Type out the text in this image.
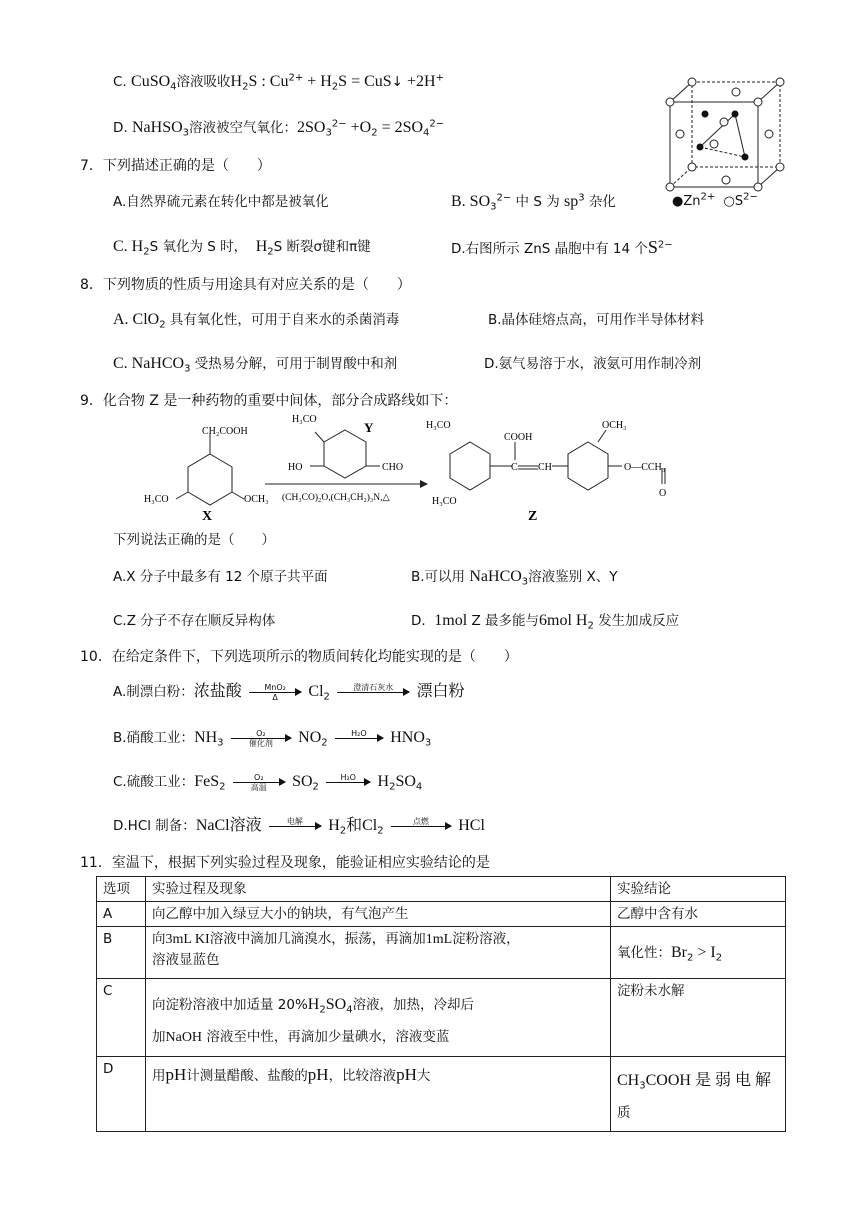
C. CuSO$_4$溶液吸收$H_2S$ : $Cu^{2+} + H_2S$ = CuS↓ +2H+
D. NaHSO$_3$溶液被空气氧化：$2SO_3^{2-} +O_2 = 2SO_4^{2-}$
$●Zn^{2+}$ $○S^{2-}$
7．下列描述正确的是（　　）
A.自然界硫元素在转化中都是被氧化	B. $SO_3^{2-}$ 中 S 为 $sp^3$ 杂化
C. $H_2S$ 氧化为 S 时， $H_2S$ 断裂σ键和π键	D.右图所示 ZnS 晶胞中有 14 个$S^{2-}$
8．下列物质的性质与用途具有对应关系的是（　　）
A. ClO$_2$ 具有氧化性，可用于自来水的杀菌消毒	B.晶体硅熔点高，可用作半导体材料
C. NaHCO$_3$ 受热易分解，可用于制胃酸中和剂	D.氨气易溶于水，液氨可用作制冷剂
9．化合物 Z 是一种药物的重要中间体，部分合成路线如下：
CH₂COOH
H₃CO	OCH₃
X
H₃CO
HO	CHO
Y
(CH₃CO)₂O,(CH₃CH₂)₃N,△
H₃CO
H₃CO
COOH
C CH
OCH₃
O—CCH₃
O
Z
下列说法正确的是（　　）
A.X 分子中最多有 12 个原子共平面	B.可以用 NaHCO$_3$溶液鉴别 X、Y
C.Z 分子不存在顺反异构体	D. 1mol Z 最多能与6mol $H_2$ 发生加成反应
10．在给定条件下，下列选项所示的物质间转化均能实现的是（　　）
A.制漂白粉：浓盐酸	MnO₂
Δ	$Cl_2$
澄清石灰水
	漂白粉
B.硝酸工业：$NH_3$
O₂
催化剂	$NO_2$
H₂O
	$HNO_3$
C.硫酸工业：FeS$_2$
O₂
高温	$SO_2$
H₂O
	$H_2SO_4$
D.HCl 制备：NaCl溶液	电解
	$H_2$和$Cl_2$
点燃
	HCl
11．室温下，根据下列实验过程及现象，能验证相应实验结论的是
选项	实验过程及现象	实验结论
A	向乙醇中加入绿豆大小的钠块，有气泡产生	乙醇中含有水
B	向3mL KI溶液中滴加几滴溴水，振荡，再滴加1mL淀粉溶液，
溶液显蓝色	氧化性：$Br_2 > I_2$
C	向淀粉溶液中加适量 $20\%H_2SO_4$溶液，加热，冷却后
加NaOH 溶液至中性，再滴加少量碘水，溶液变蓝	淀粉未水解
D	用pH计测量醋酸、盐酸的pH，比较溶液pH大	$CH_3COOH$ 是 弱 电 解
质
